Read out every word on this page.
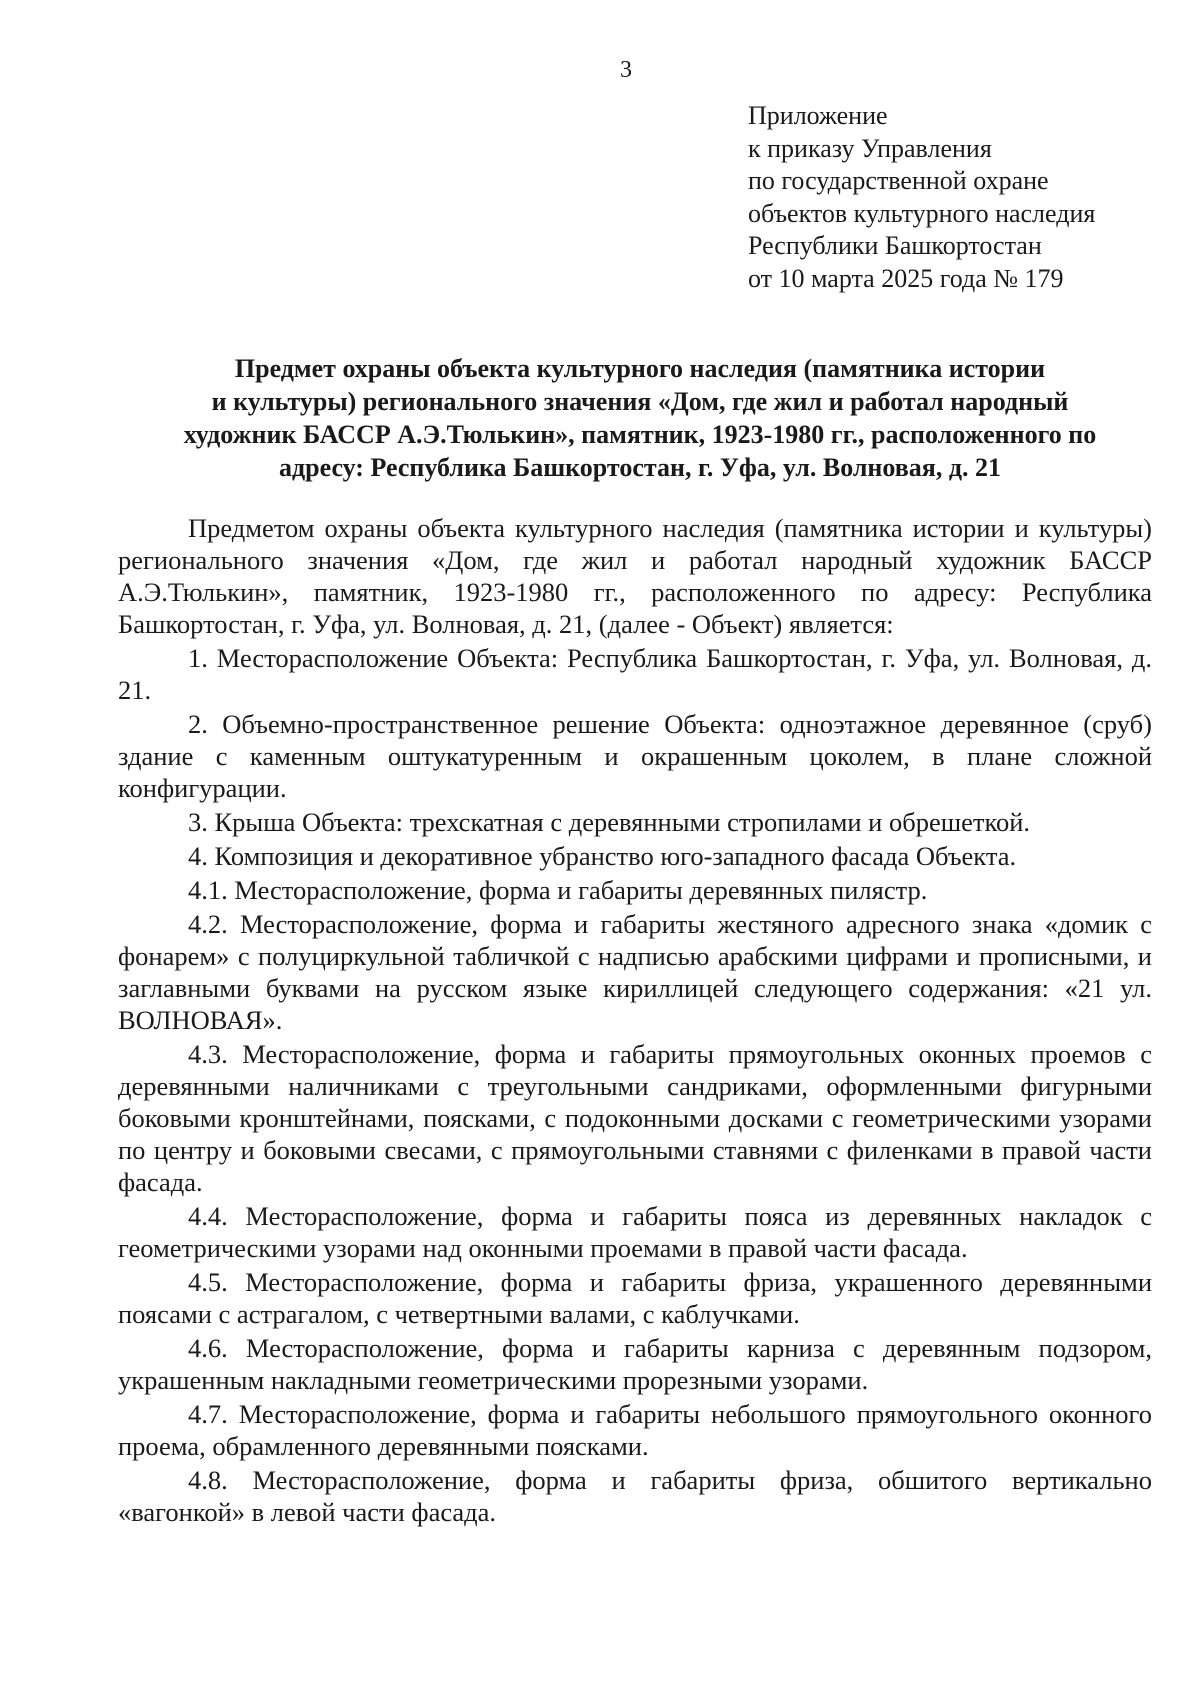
3
Приложение
к приказу Управления
по государственной охране
объектов культурного наследия
Республики Башкортостан
от 10 марта 2025 года № 179
Предмет охраны объекта культурного наследия (памятника истории
и культуры) регионального значения «Дом, где жил и работал народный
художник БАССР А.Э.Тюлькин», памятник, 1923-1980 гг., расположенного по
адресу: Республика Башкортостан, г. Уфа, ул. Волновая, д. 21

Предметом охраны объекта культурного наследия (памятника истории и культуры) регионального значения «Дом, где жил и работал народный художник БАССР А.Э.Тюлькин», памятник, 1923-1980 гг., расположенного по адресу: Республика Башкортостан, г. Уфа, ул. Волновая, д. 21, (далее - Объект) является:

1. Месторасположение Объекта: Республика Башкортостан, г. Уфа, ул. Волновая, д. 21.

2. Объемно-пространственное решение Объекта: одноэтажное деревянное (сруб) здание с каменным оштукатуренным и окрашенным цоколем, в плане сложной конфигурации.

3. Крыша Объекта: трехскатная с деревянными стропилами и обрешеткой.

4. Композиция и декоративное убранство юго-западного фасада Объекта.

4.1. Месторасположение, форма и габариты деревянных пилястр.

4.2. Месторасположение, форма и габариты жестяного адресного знака «домик с фонарем» с полуциркульной табличкой с надписью арабскими цифрами и прописными, и заглавными буквами на русском языке кириллицей следующего содержания: «21 ул. ВОЛНОВАЯ».

4.3. Месторасположение, форма и габариты прямоугольных оконных проемов с деревянными наличниками с треугольными сандриками, оформленными фигурными боковыми кронштейнами, поясками, с подоконными досками с геометрическими узорами по центру и боковыми свесами, с прямоугольными ставнями с филенками в правой части фасада.

4.4. Месторасположение, форма и габариты пояса из деревянных накладок с геометрическими узорами над оконными проемами в правой части фасада.

4.5. Месторасположение, форма и габариты фриза, украшенного деревянными поясами с астрагалом, с четвертными валами, с каблучками.

4.6. Месторасположение, форма и габариты карниза с деревянным подзором, украшенным накладными геометрическими прорезными узорами.

4.7. Месторасположение, форма и габариты небольшого прямоугольного оконного проема, обрамленного деревянными поясками.

4.8. Месторасположение, форма и габариты фриза, обшитого вертикально «вагонкой» в левой части фасада.
